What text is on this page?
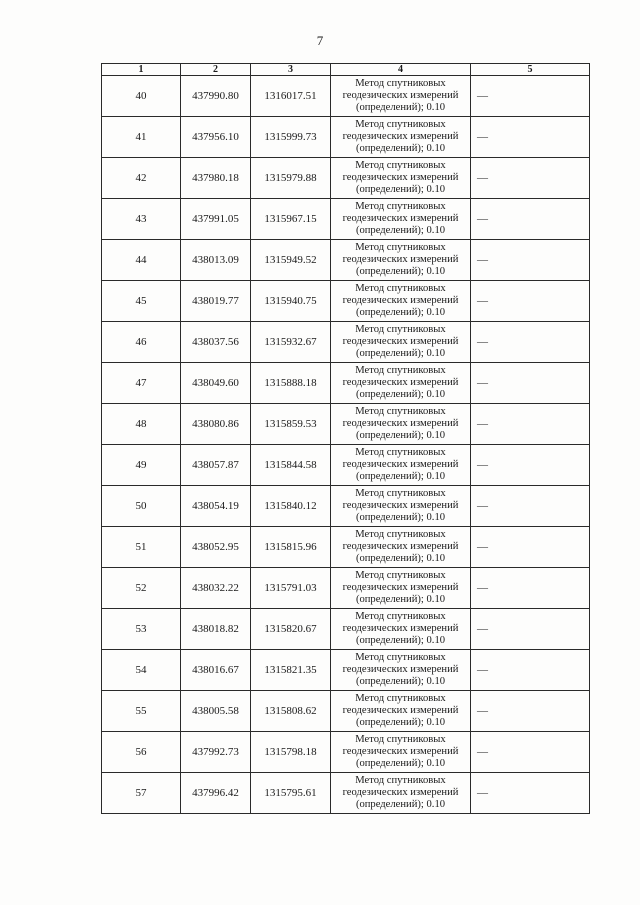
7
1	2	3	4	5
40	437990.80	1316017.51	Метод спутниковых
геодезических измерений
(определений); 0.10	—
41	437956.10	1315999.73	Метод спутниковых
геодезических измерений
(определений); 0.10	—
42	437980.18	1315979.88	Метод спутниковых
геодезических измерений
(определений); 0.10	—
43	437991.05	1315967.15	Метод спутниковых
геодезических измерений
(определений); 0.10	—
44	438013.09	1315949.52	Метод спутниковых
геодезических измерений
(определений); 0.10	—
45	438019.77	1315940.75	Метод спутниковых
геодезических измерений
(определений); 0.10	—
46	438037.56	1315932.67	Метод спутниковых
геодезических измерений
(определений); 0.10	—
47	438049.60	1315888.18	Метод спутниковых
геодезических измерений
(определений); 0.10	—
48	438080.86	1315859.53	Метод спутниковых
геодезических измерений
(определений); 0.10	—
49	438057.87	1315844.58	Метод спутниковых
геодезических измерений
(определений); 0.10	—
50	438054.19	1315840.12	Метод спутниковых
геодезических измерений
(определений); 0.10	—
51	438052.95	1315815.96	Метод спутниковых
геодезических измерений
(определений); 0.10	—
52	438032.22	1315791.03	Метод спутниковых
геодезических измерений
(определений); 0.10	—
53	438018.82	1315820.67	Метод спутниковых
геодезических измерений
(определений); 0.10	—
54	438016.67	1315821.35	Метод спутниковых
геодезических измерений
(определений); 0.10	—
55	438005.58	1315808.62	Метод спутниковых
геодезических измерений
(определений); 0.10	—
56	437992.73	1315798.18	Метод спутниковых
геодезических измерений
(определений); 0.10	—
57	437996.42	1315795.61	Метод спутниковых
геодезических измерений
(определений); 0.10	—
